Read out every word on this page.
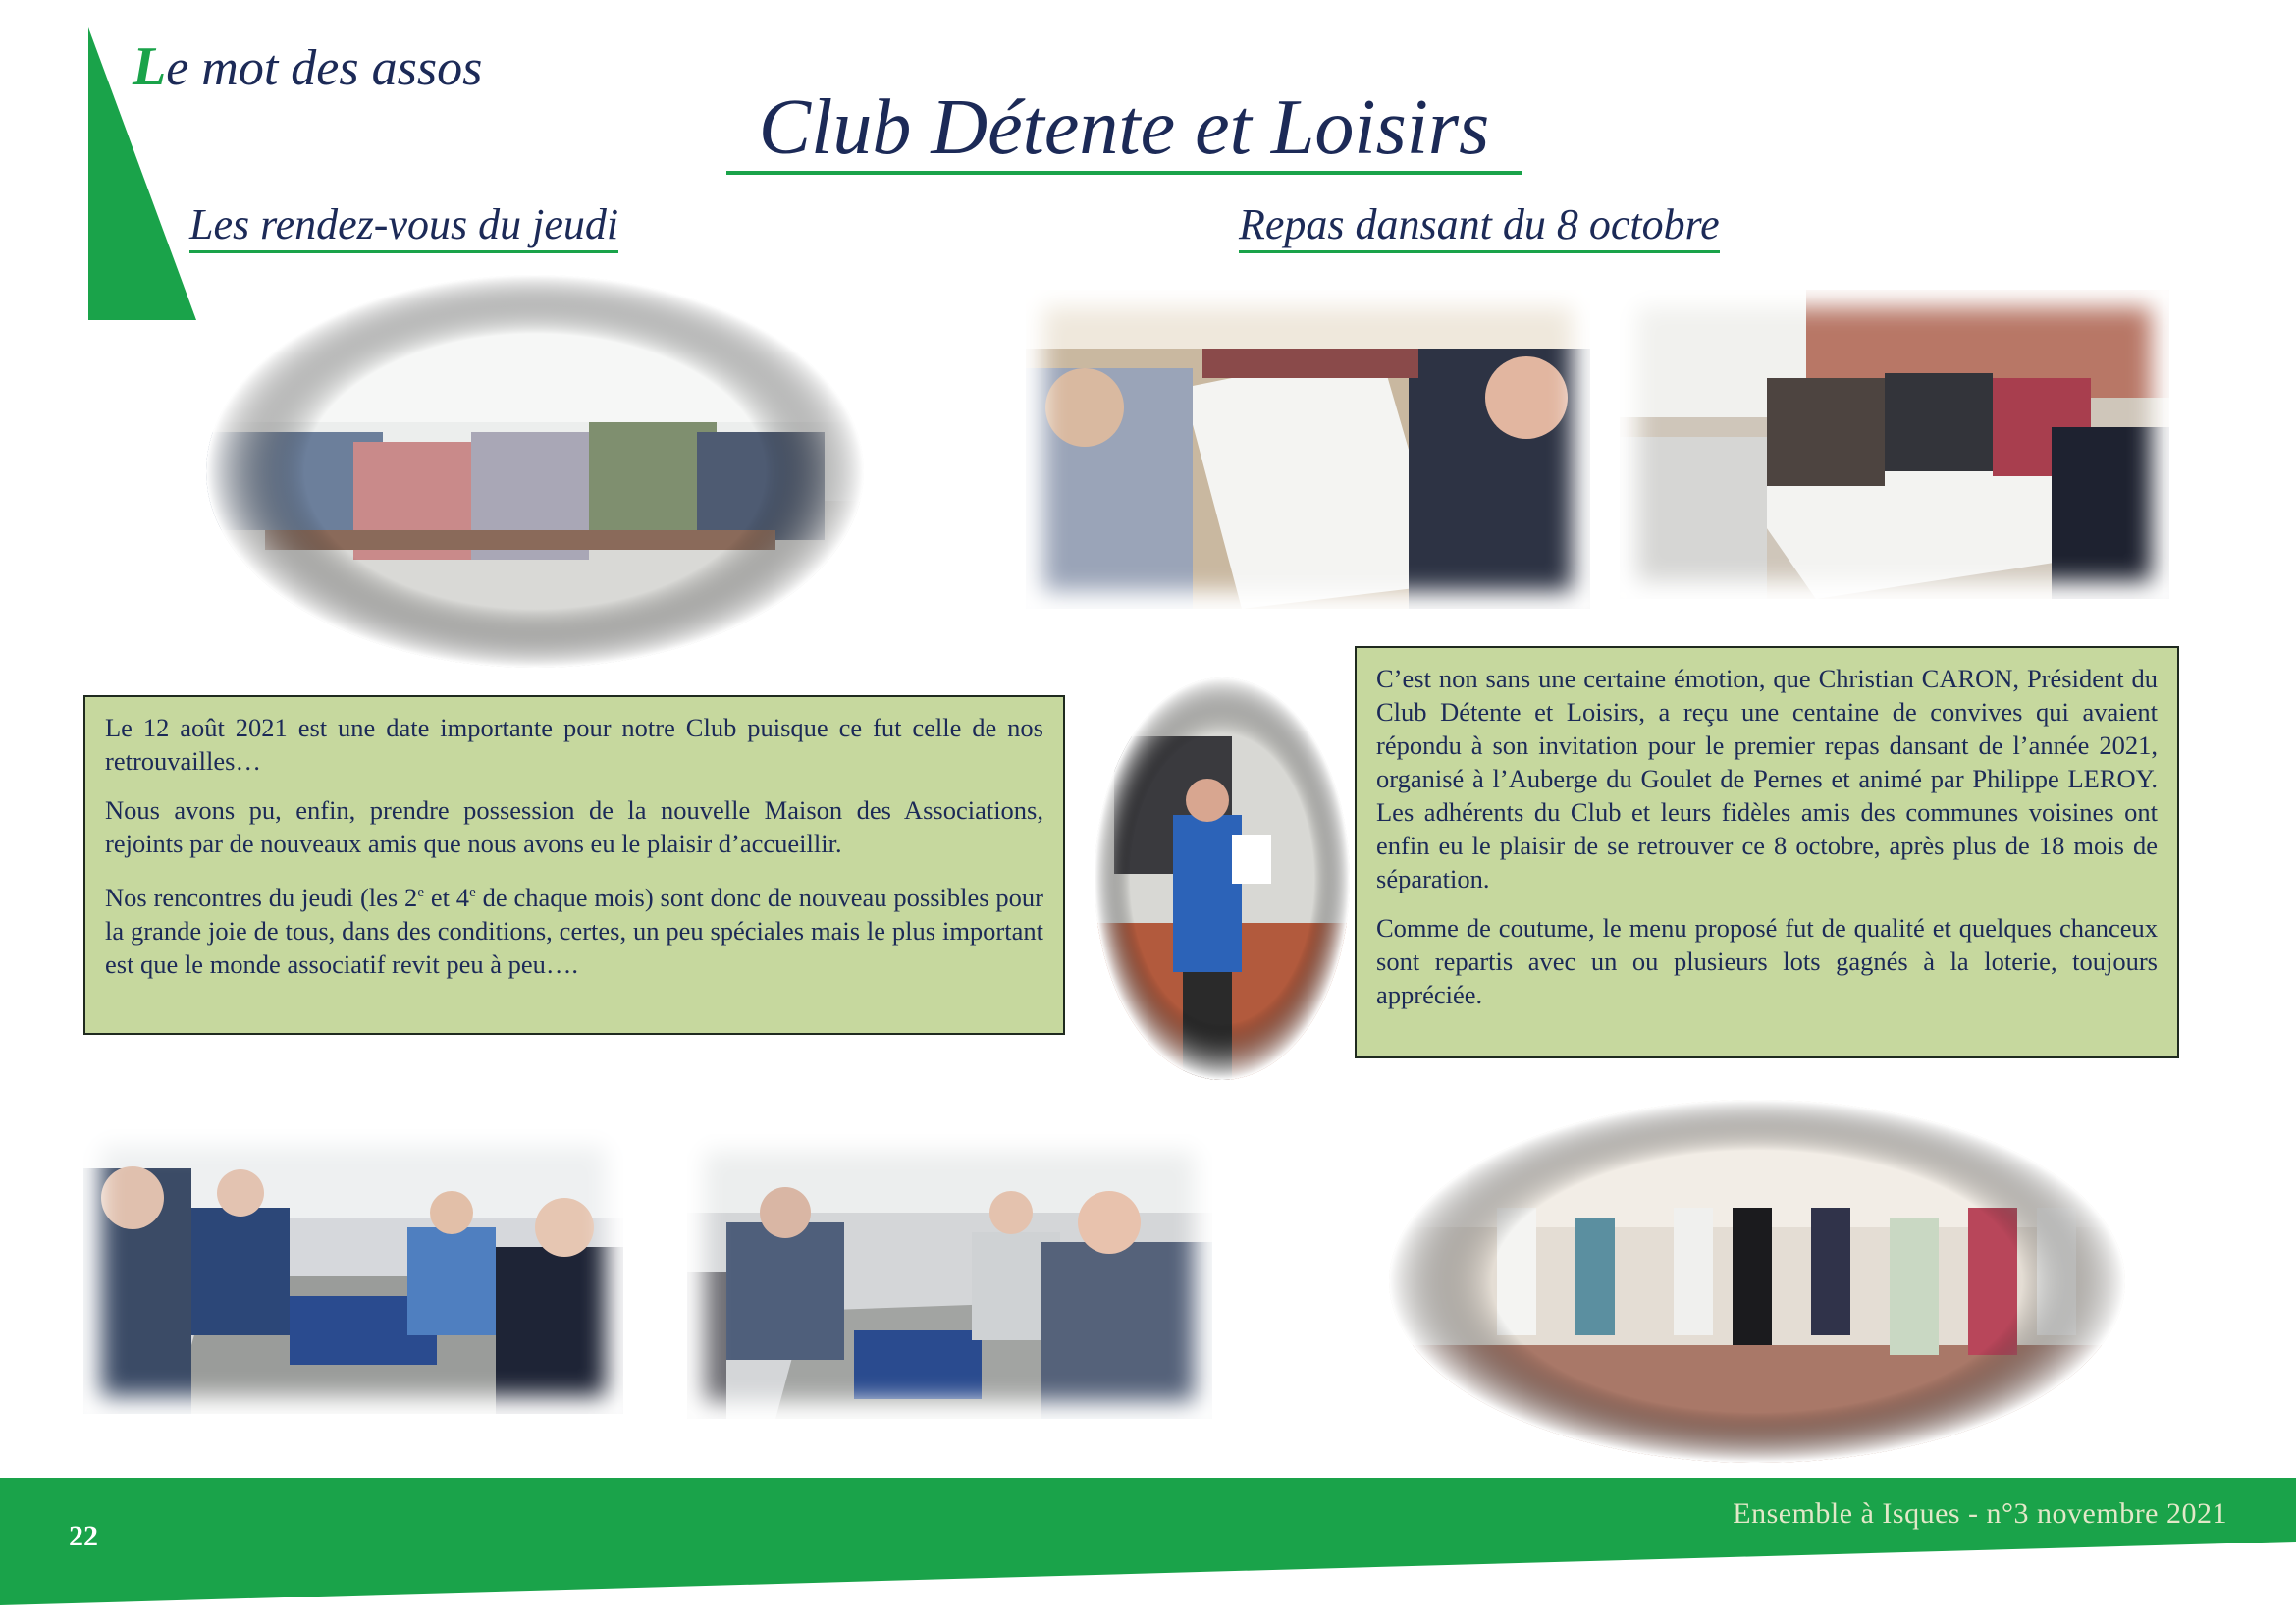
Le mot des assos
Club Détente et Loisirs
Les rendez-vous du jeudi	Repas dansant du 8 octobre

Le 12 août 2021 est une date importante pour notre Club puisque ce fut celle de nos retrouvailles…

Nous avons pu, enfin, prendre possession de la nouvelle Maison des Associations, rejoints par de nouveaux amis que nous avons eu le plaisir d’accueillir.

Nos rencontres du jeudi (les 2e et 4e de chaque mois) sont donc de nouveau possibles pour la grande joie de tous, dans des conditions, certes, un peu spéciales mais le plus important est que le monde associatif revit peu à peu….

C’est non sans une certaine émotion, que Christian CARON, Président du Club Détente et Loisirs, a reçu une centaine de convives qui avaient répondu à son invitation pour le premier repas dansant de l’année 2021, organisé à l’Auberge du Goulet de Pernes et animé par Philippe LEROY. Les adhérents du Club et leurs fidèles amis des communes voisines ont enfin eu le plaisir de se retrouver ce 8 octobre, après plus de 18 mois de séparation.

Comme de coutume, le menu proposé fut de qualité et quelques chanceux sont repartis avec un ou plusieurs lots gagnés à la loterie, toujours appréciée.

Ensemble à Isques - n°3 novembre 2021
22
